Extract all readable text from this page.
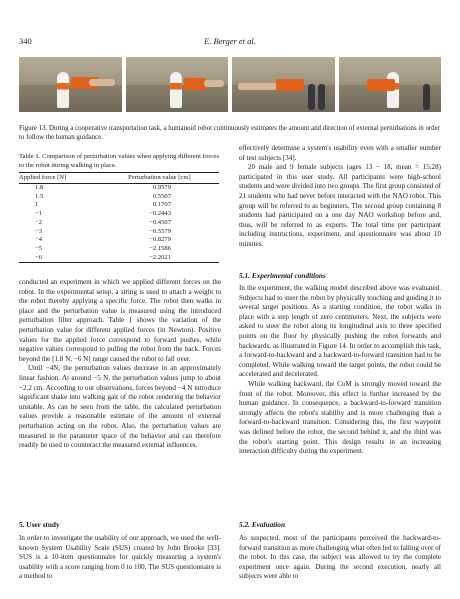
340	E. Berger et al.
Figure 13. During a cooperative transportation task, a humanoid robot continuously estimates the amount and direction of external perturbations in order to follow the human guidance.
Table 1. Comparison of perturbation values when applying different forces to the robot during walking in place.
Applied force [N]	Perturbation value [cm]
1.8	0.9579
1.5	0.5507
1	0.1707
−1	−0.2443
−2	−0.4507
−3	−0.5579
−4	−0.8279
−5	−2.1586
−6	−2.2021

conducted an experiment in which we applied different forces on the robot. In the experimental setup, a string is used to attach a weight to the robot thereby applying a specific force. The robot then walks in place and the perturbation value is measured using the introduced perturbation filter approach. Table 1 shows the variation of the perturbation value for different applied forces (in Newton). Positive values for the applied force correspond to forward pushes, while negative values correspond to pulling the robot from the back. Forces beyond the [1.8 N, −6 N] range caused the robot to fall over.

Until −4N, the perturbation values decrease in an approximately linear fashion. At around −5 N, the perturbation values jump to about −2.2 cm. According to our observations, forces beyond −4 N introduce significant shake into walking gait of the robot rendering the behavior unstable. As can be seen from the table, the calculated perturbation values provide a reasonable estimate of the amount of external perturbation acting on the robot. Also, the perturbation values are measured in the parameter space of the behavior and can therefore readily be used to counteract the measured external influences.

5. User study

In order to investigate the usability of our approach, we used the well-known System Usability Scale (SUS) created by John Brooke [33]. SUS is a 10-item questionnaire for quickly measuring a system's usability with a score ranging from 0 to 100. The SUS questionnaire is a method to

effectively determine a system's usability even with a smaller number of test subjects [34].

20 male and 9 female subjects (ages 13 − 18, mean = 15.28) participated in this user study. All participants were high-school students and were divided into two groups. The first group consisted of 21 students who had never before interacted with the NAO robot. This group will be referred to as beginners. The second group containing 8 students had participated on a one day NAO workshop before and, thus, will be referred to as experts. The total time per participant including instructions, experiment, and questionnaire was about 10 minutes.

5.1. Experimental conditions

In the experiment, the walking model described above was evaluated. Subjects had to steer the robot by physically touching and guiding it to several target positions. As a starting condition, the robot walks in place with a step length of zero centimeters. Next, the subjects were asked to steer the robot along its longitudinal axis to three specified points on the floor by physically pushing the robot forwards and backwards, as illustrated in Figure 14. In order to accomplish this task, a forward-to-backward and a backward-to-forward transition had to be completed. While walking toward the target points, the robot could be accelerated and decelerated.

While walking backward, the CoM is strongly moved toward the front of the robot. Moreover, this effect is further increased by the human guidance. In consequence, a backward-to-forward transition strongly affects the robot's stability and is more challenging than a forward-to-backward transition. Considering this, the first waypoint was defined before the robot, the second behind it, and the third was the robot's starting point. This design results in an increasing interaction difficulty during the experiment.

5.2. Evaluation

As suspected, most of the participants perceived the backward-to-forward transition as more challenging what often led to falling over of the robot. In this case, the subject was allowed to try the complete experiment once again. During the second execution, nearly all subjects were able to
